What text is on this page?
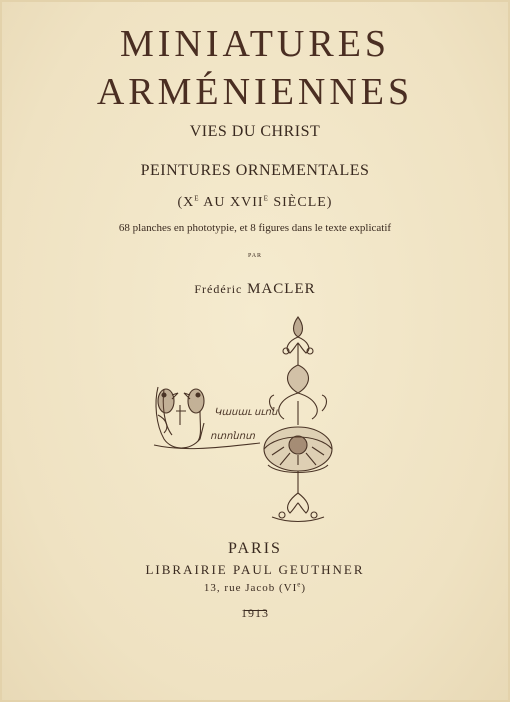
MINIATURES
ARMÉNIENNES
VIES DU CHRIST
PEINTURES ORNEMENTALES
($X^E$ AU $XVII^E$ SIÈCLE)
68 planches en phototypie, et 8 figures dans le texte explicatif
PAR
Frédéric MACLER
Կասաւ սւոն
ոտոնոտ
PARIS
LIBRAIRIE PAUL GEUTHNER
13, rue Jacob (VIe)
1913
